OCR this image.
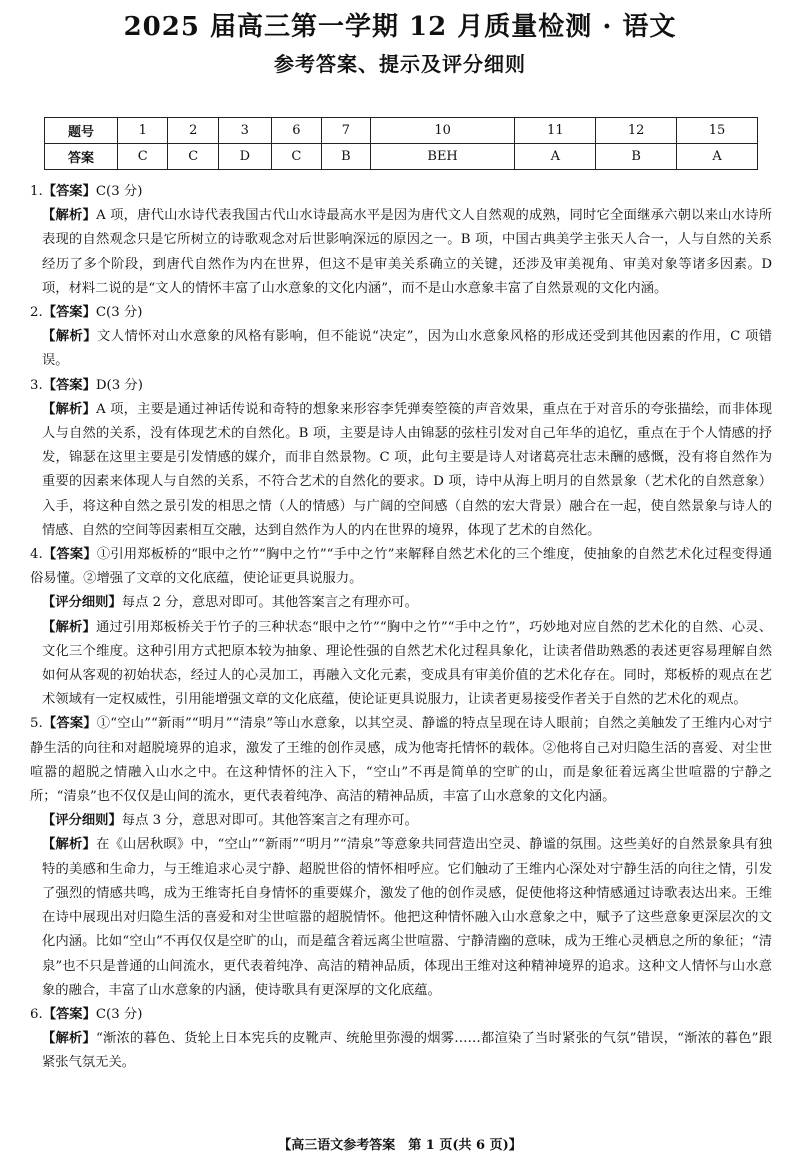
2025 届高三第一学期 12 月质量检测 · 语文
参考答案、提示及评分细则
题号	1	2	3	6	7	10	11	12	15
答案	C	C	D	C	B	BEH	A	B	A

1.【答案】C(3 分)

【解析】A 项，唐代山水诗代表我国古代山水诗最高水平是因为唐代文人自然观的成熟，同时它全面继承六朝以来山水诗所表现的自然观念只是它所树立的诗歌观念对后世影响深远的原因之一。B 项，中国古典美学主张天人合一，人与自然的关系经历了多个阶段，到唐代自然作为内在世界，但这不是审美关系确立的关键，还涉及审美视角、审美对象等诸多因素。D 项，材料二说的是“文人的情怀丰富了山水意象的文化内涵”，而不是山水意象丰富了自然景观的文化内涵。

2.【答案】C(3 分)

【解析】文人情怀对山水意象的风格有影响，但不能说“决定”，因为山水意象风格的形成还受到其他因素的作用，C 项错误。

3.【答案】D(3 分)

【解析】A 项，主要是通过神话传说和奇特的想象来形容李凭弹奏箜篌的声音效果，重点在于对音乐的夸张描绘，而非体现人与自然的关系，没有体现艺术的自然化。B 项，主要是诗人由锦瑟的弦柱引发对自己年华的追忆，重点在于个人情感的抒发，锦瑟在这里主要是引发情感的媒介，而非自然景物。C 项，此句主要是诗人对诸葛亮壮志未酬的感慨，没有将自然作为重要的因素来体现人与自然的关系，不符合艺术的自然化的要求。D 项，诗中从海上明月的自然景象（艺术化的自然意象）入手，将这种自然之景引发的相思之情（人的情感）与广阔的空间感（自然的宏大背景）融合在一起，使自然景象与诗人的情感、自然的空间等因素相互交融，达到自然作为人的内在世界的境界，体现了艺术的自然化。

4.【答案】①引用郑板桥的“眼中之竹”“胸中之竹”“手中之竹”来解释自然艺术化的三个维度，使抽象的自然艺术化过程变得通俗易懂。②增强了文章的文化底蕴，使论证更具说服力。

【评分细则】每点 2 分，意思对即可。其他答案言之有理亦可。

【解析】通过引用郑板桥关于竹子的三种状态“眼中之竹”“胸中之竹”“手中之竹”，巧妙地对应自然的艺术化的自然、心灵、文化三个维度。这种引用方式把原本较为抽象、理论性强的自然艺术化过程具象化，让读者借助熟悉的表述更容易理解自然如何从客观的初始状态，经过人的心灵加工，再融入文化元素，变成具有审美价值的艺术化存在。同时，郑板桥的观点在艺术领域有一定权威性，引用能增强文章的文化底蕴，使论证更具说服力，让读者更易接受作者关于自然的艺术化的观点。

5.【答案】①“空山”“新雨”“明月”“清泉”等山水意象，以其空灵、静谧的特点呈现在诗人眼前；自然之美触发了王维内心对宁静生活的向往和对超脱境界的追求，激发了王维的创作灵感，成为他寄托情怀的载体。②他将自己对归隐生活的喜爱、对尘世喧嚣的超脱之情融入山水之中。在这种情怀的注入下，“空山”不再是简单的空旷的山，而是象征着远离尘世喧嚣的宁静之所；“清泉”也不仅仅是山间的流水，更代表着纯净、高洁的精神品质，丰富了山水意象的文化内涵。

【评分细则】每点 3 分，意思对即可。其他答案言之有理亦可。

【解析】在《山居秋暝》中，“空山”“新雨”“明月”“清泉”等意象共同营造出空灵、静谧的氛围。这些美好的自然景象具有独特的美感和生命力，与王维追求心灵宁静、超脱世俗的情怀相呼应。它们触动了王维内心深处对宁静生活的向往之情，引发了强烈的情感共鸣，成为王维寄托自身情怀的重要媒介，激发了他的创作灵感，促使他将这种情感通过诗歌表达出来。王维在诗中展现出对归隐生活的喜爱和对尘世喧嚣的超脱情怀。他把这种情怀融入山水意象之中，赋予了这些意象更深层次的文化内涵。比如“空山”不再仅仅是空旷的山，而是蕴含着远离尘世喧嚣、宁静清幽的意味，成为王维心灵栖息之所的象征；“清泉”也不只是普通的山间流水，更代表着纯净、高洁的精神品质，体现出王维对这种精神境界的追求。这种文人情怀与山水意象的融合，丰富了山水意象的内涵，使诗歌具有更深厚的文化底蕴。

6.【答案】C(3 分)

【解析】“渐浓的暮色、货轮上日本宪兵的皮靴声、统舱里弥漫的烟雾……都渲染了当时紧张的气氛”错误，“渐浓的暮色”跟紧张气氛无关。

【高三语文参考答案　第 1 页(共 6 页)】
